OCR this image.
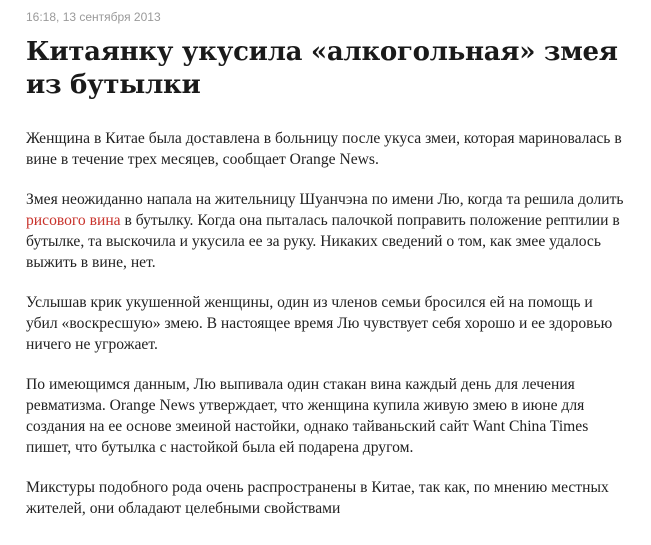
16:18, 13 сентября 2013
Китаянку укусила «алкогольная» змея из бутылки

Женщина в Китае была доставлена в больницу после укуса змеи, которая мариновалась в вине в течение трех месяцев, сообщает Orange News.

Змея неожиданно напала на жительницу Шуанчэна по имени Лю, когда та решила долить рисового вина в бутылку. Когда она пыталась палочкой поправить положение рептилии в бутылке, та выскочила и укусила ее за руку. Никаких сведений о том, как змее удалось выжить в вине, нет.

Услышав крик укушенной женщины, один из членов семьи бросился ей на помощь и убил «воскресшую» змею. В настоящее время Лю чувствует себя хорошо и ее здоровью ничего не угрожает.

По имеющимся данным, Лю выпивала один стакан вина каждый день для лечения ревматизма. Orange News утверждает, что женщина купила живую змею в июне для создания на ее основе змеиной настойки, однако тайваньский сайт Want China Times пишет, что бутылка с настойкой была ей подарена другом.

Микстуры подобного рода очень распространены в Китае, так как, по мнению местных жителей, они обладают целебными свойствами
